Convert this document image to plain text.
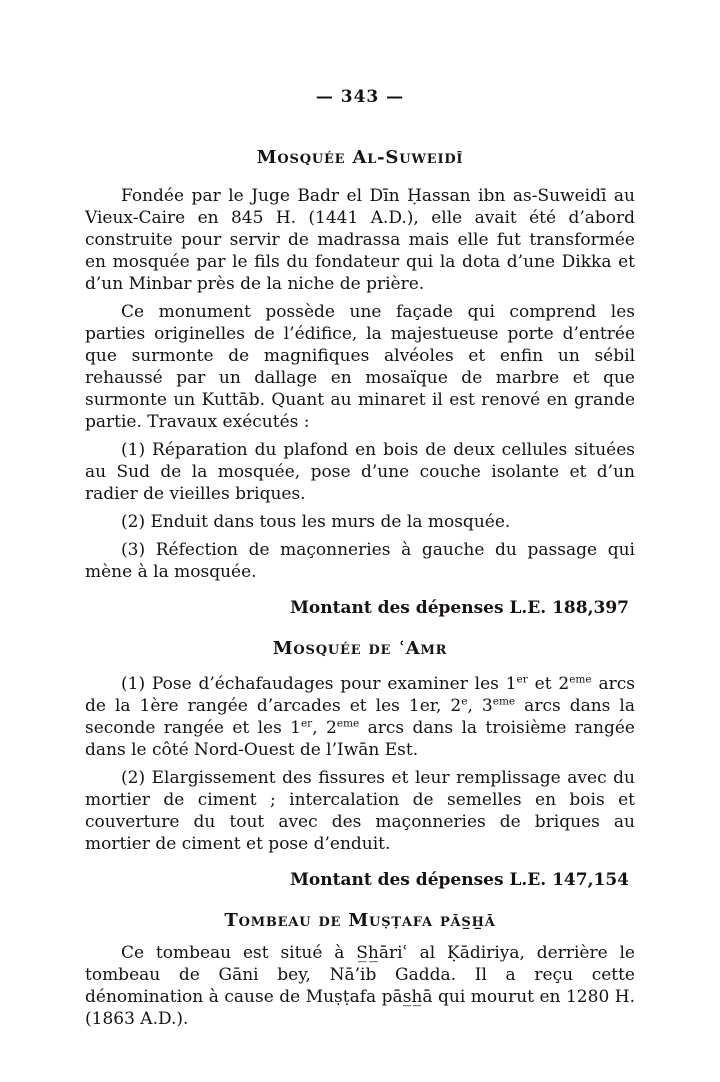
— 343 —
Mosquée Al-Suweidī

Fondée par le Juge Badr el Dīn Ḥassan ibn as-Suweidī au Vieux-Caire en 845 H. (1441 A.D.), elle avait été d’abord construite pour servir de madrassa mais elle fut transformée en mosquée par le fils du fondateur qui la dota d’une Dikka et d’un Minbar près de la niche de prière.

Ce monument possède une façade qui comprend les parties originelles de l’édifice, la majestueuse porte d’entrée que surmonte de magnifiques alvéoles et enfin un sébil rehaussé par un dallage en mosaïque de marbre et que surmonte un Kuttāb. Quant au minaret il est renové en grande partie. Travaux exécutés :

(1) Réparation du plafond en bois de deux cellules situées au Sud de la mosquée, pose d’une couche isolante et d’un radier de vieilles briques.

(2) Enduit dans tous les murs de la mosquée.

(3) Réfection de maçonneries à gauche du passage qui mène à la mosquée.

Montant des dépenses L.E. 188,397

Mosquée de ʿAmr

(1) Pose d’échafaudages pour examiner les 1er et 2eme arcs de la 1ère rangée d’arcades et les 1er, 2e, 3eme arcs dans la seconde rangée et les 1er, 2eme arcs dans la troisième rangée dans le côté Nord-Ouest de l’Iwān Est.

(2) Elargissement des fissures et leur remplissage avec du mortier de ciment ; intercalation de semelles en bois et couverture du tout avec des maçonneries de briques au mortier de ciment et pose d’enduit.

Montant des dépenses L.E. 147,154

Tombeau de Muṣṭafa pās̲h̲ā

Ce tombeau est situé à S̲h̲āriʿ al Ḳādiriya, derrière le tombeau de Gāni bey, Nā’ib Gadda. Il a reçu cette dénomination à cause de Muṣṭafa pās̲h̲ā qui mourut en 1280 H. (1863 A.D.).
